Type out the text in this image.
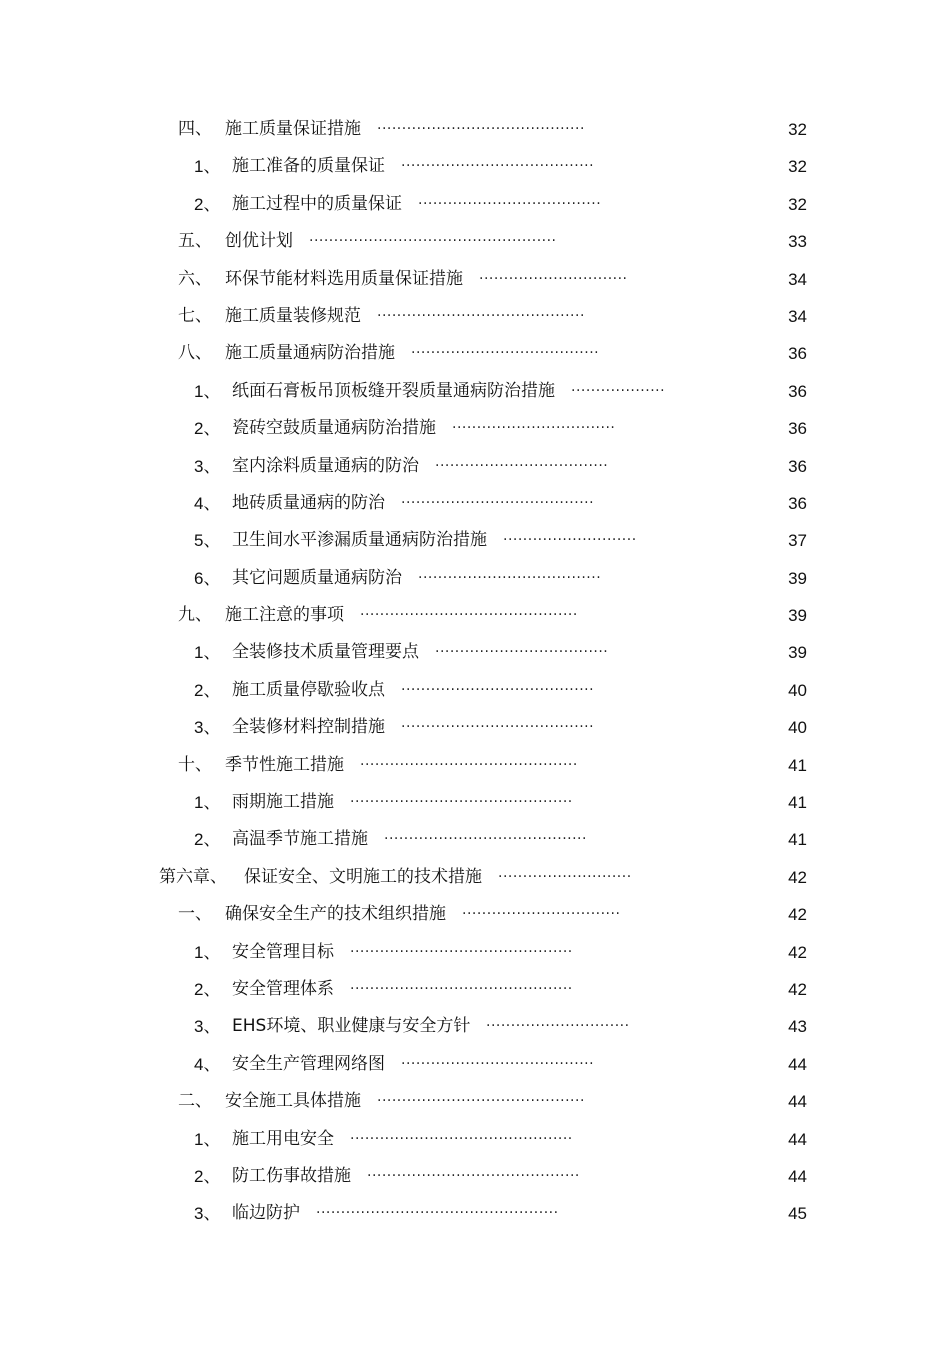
四、 施工质量保证措施 ..........................................	32
1、 施工准备的质量保证 .......................................	32
2、 施工过程中的质量保证 .....................................	32
五、 创优计划 ..................................................	33
六、 环保节能材料选用质量保证措施 ..............................	34
七、 施工质量装修规范 ..........................................	34
八、 施工质量通病防治措施 ......................................	36
1、 纸面石膏板吊顶板缝开裂质量通病防治措施 ...................	36
2、 瓷砖空鼓质量通病防治措施 .................................	36
3、 室内涂料质量通病的防治 ...................................	36
4、 地砖质量通病的防治 .......................................	36
5、 卫生间水平渗漏质量通病防治措施 ...........................	37
6、 其它问题质量通病防治 .....................................	39
九、 施工注意的事项 ............................................	39
1、 全装修技术质量管理要点 ...................................	39
2、 施工质量停歇验收点 .......................................	40
3、 全装修材料控制措施 .......................................	40
十、 季节性施工措施 ............................................	41
1、 雨期施工措施 .............................................	41
2、 高温季节施工措施 .........................................	41
第六章、 保证安全、文明施工的技术措施 ...........................	42
一、 确保安全生产的技术组织措施 ................................	42
1、 安全管理目标 .............................................	42
2、 安全管理体系 .............................................	42
3、 EHS环境、职业健康与安全方针 .............................	43
4、 安全生产管理网络图 .......................................	44
二、 安全施工具体措施 ..........................................	44
1、 施工用电安全 .............................................	44
2、 防工伤事故措施 ...........................................	44
3、 临边防护 .................................................	45
